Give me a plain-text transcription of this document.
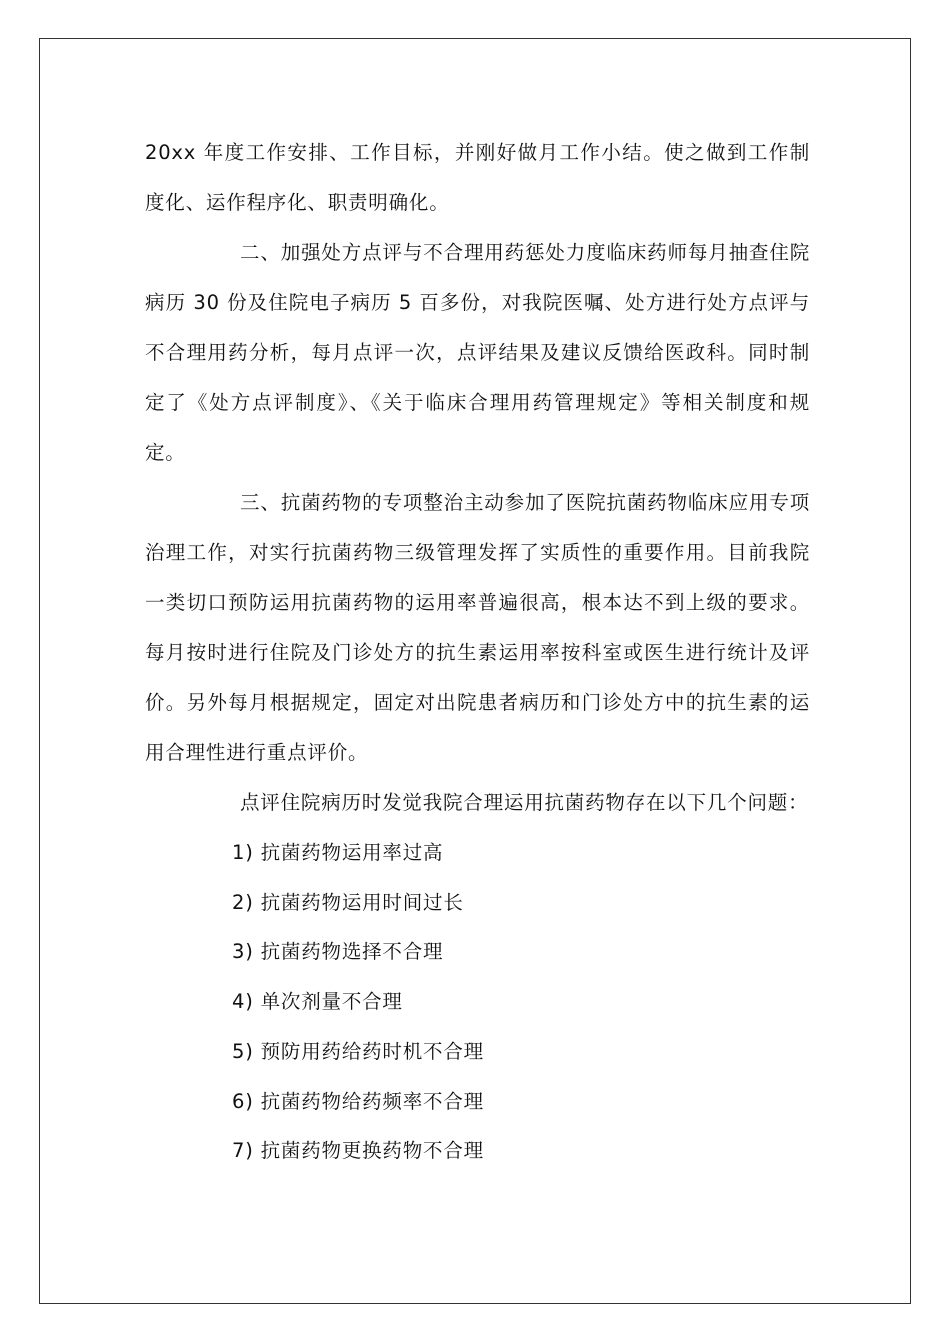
20xx 年度工作安排、工作目标，并刚好做月工作小结。使之做到工作制度化、运作程序化、职责明确化。

二、加强处方点评与不合理用药惩处力度临床药师每月抽查住院病历 30 份及住院电子病历 5 百多份，对我院医嘱、处方进行处方点评与不合理用药分析，每月点评一次，点评结果及建议反馈给医政科。同时制定了《处方点评制度》、《关于临床合理用药管理规定》等相关制度和规定。

三、抗菌药物的专项整治主动参加了医院抗菌药物临床应用专项治理工作，对实行抗菌药物三级管理发挥了实质性的重要作用。目前我院一类切口预防运用抗菌药物的运用率普遍很高，根本达不到上级的要求。每月按时进行住院及门诊处方的抗生素运用率按科室或医生进行统计及评价。另外每月根据规定，固定对出院患者病历和门诊处方中的抗生素的运用合理性进行重点评价。

点评住院病历时发觉我院合理运用抗菌药物存在以下几个问题：

1) 抗菌药物运用率过高
2) 抗菌药物运用时间过长
3) 抗菌药物选择不合理
4) 单次剂量不合理
5) 预防用药给药时机不合理
6) 抗菌药物给药频率不合理
7) 抗菌药物更换药物不合理
